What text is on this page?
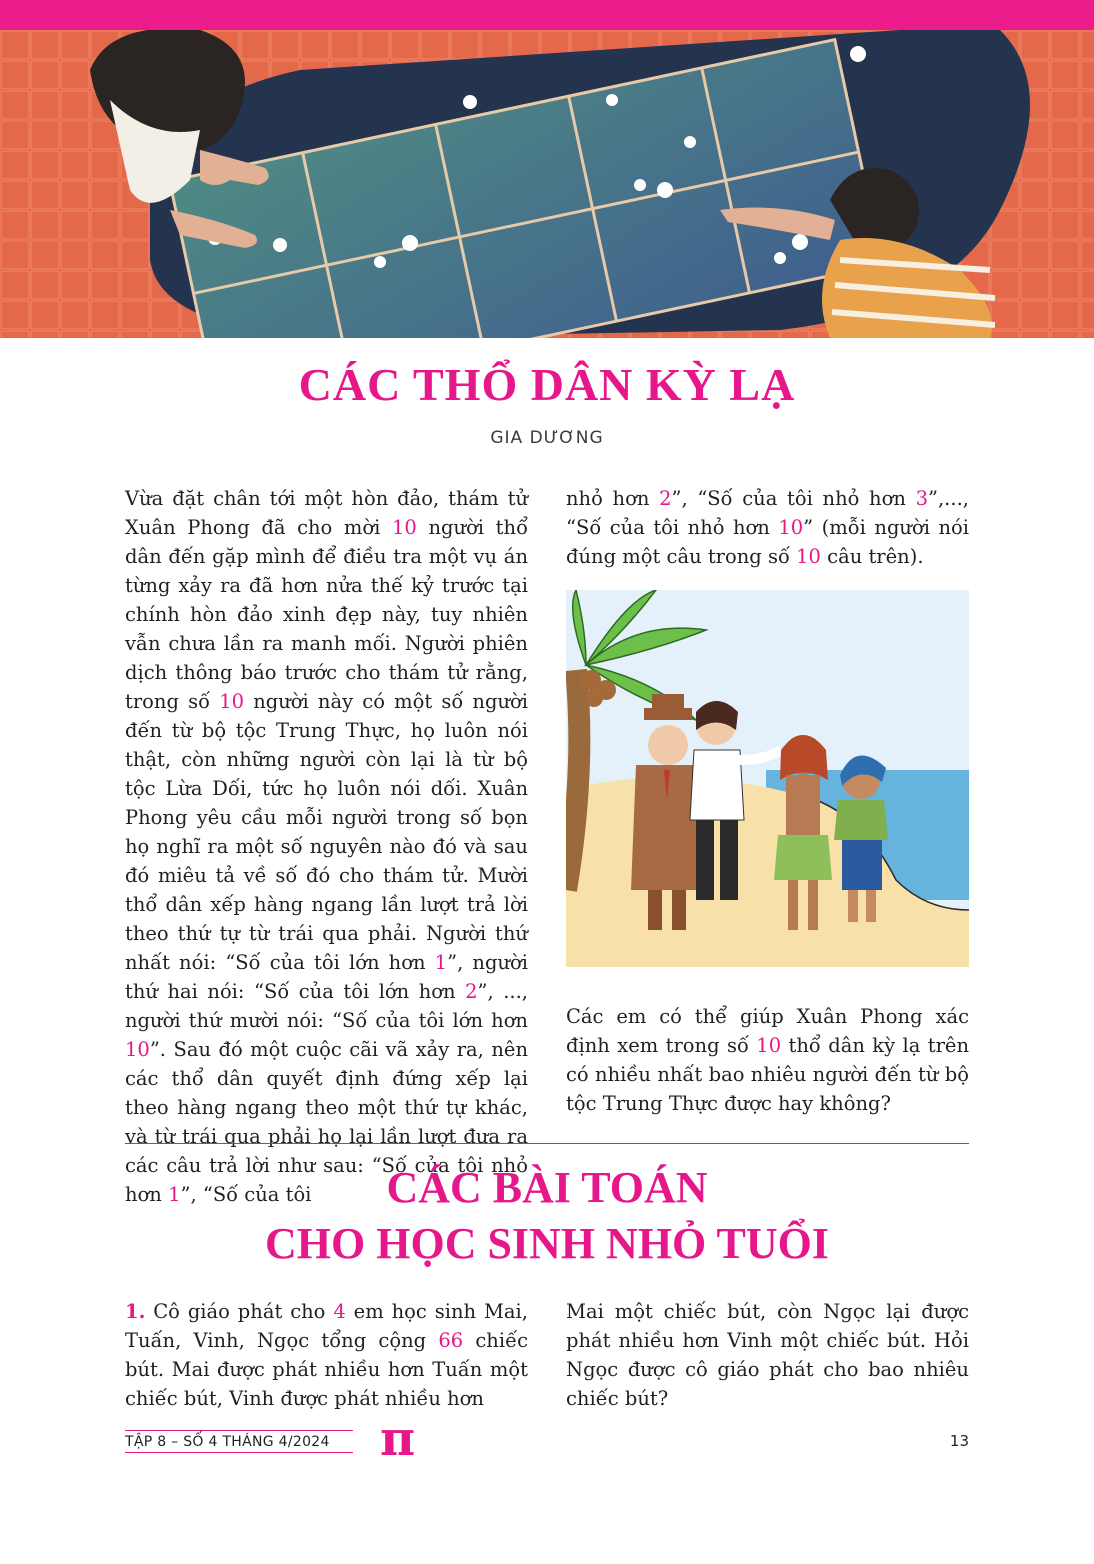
CÁC THỔ DÂN KỲ LẠ
GIA DƯƠNG

Vừa đặt chân tới một hòn đảo, thám tử Xuân Phong đã cho mời 10 người thổ dân đến gặp mình để điều tra một vụ án từng xảy ra đã hơn nửa thế kỷ trước tại chính hòn đảo xinh đẹp này, tuy nhiên vẫn chưa lần ra manh mối. Người phiên dịch thông báo trước cho thám tử rằng, trong số 10 người này có một số người đến từ bộ tộc Trung Thực, họ luôn nói thật, còn những người còn lại là từ bộ tộc Lừa Dối, tức họ luôn nói dối. Xuân Phong yêu cầu mỗi người trong số bọn họ nghĩ ra một số nguyên nào đó và sau đó miêu tả về số đó cho thám tử. Mười thổ dân xếp hàng ngang lần lượt trả lời theo thứ tự từ trái qua phải. Người thứ nhất nói: “Số của tôi lớn hơn 1”, người thứ hai nói: “Số của tôi lớn hơn 2”, ..., người thứ mười nói: “Số của tôi lớn hơn 10”. Sau đó một cuộc cãi vã xảy ra, nên các thổ dân quyết định đứng xếp lại theo hàng ngang theo một thứ tự khác, và từ trái qua phải họ lại lần lượt đưa ra các câu trả lời như sau: “Số của tôi nhỏ hơn 1”, “Số của tôi

nhỏ hơn 2”, “Số của tôi nhỏ hơn 3”,..., “Số của tôi nhỏ hơn 10” (mỗi người nói đúng một câu trong số 10 câu trên).

Các em có thể giúp Xuân Phong xác định xem trong số 10 thổ dân kỳ lạ trên có nhiều nhất bao nhiêu người đến từ bộ tộc Trung Thực được hay không?

CÁC BÀI TOÁN
CHO HỌC SINH NHỎ TUỔI

1. Cô giáo phát cho 4 em học sinh Mai, Tuấn, Vinh, Ngọc tổng cộng 66 chiếc bút. Mai được phát nhiều hơn Tuấn một chiếc bút, Vinh được phát nhiều hơn

Mai một chiếc bút, còn Ngọc lại được phát nhiều hơn Vinh một chiếc bút. Hỏi Ngọc được cô giáo phát cho bao nhiêu chiếc bút?

TẬP 8 – SỐ 4 THÁNG 4/2024	π	13
